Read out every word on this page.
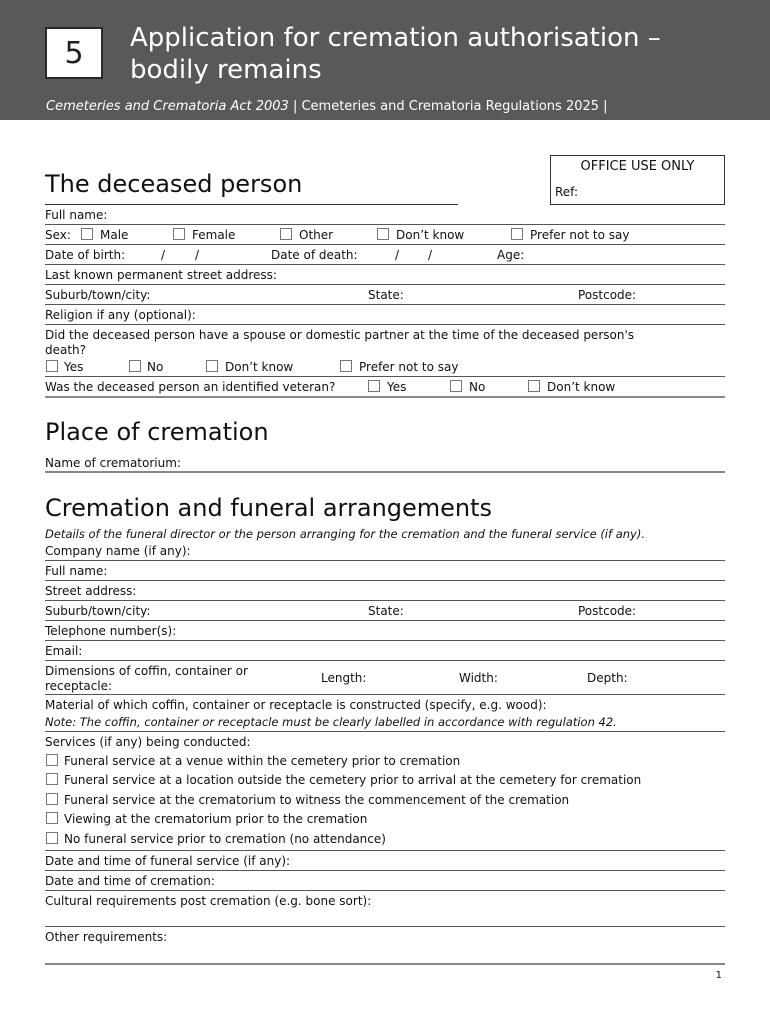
5	Application for cremation authorisation –
bodily remains
Cemeteries and Crematoria Act 2003 | Cemeteries and Crematoria Regulations 2025 |
OFFICE USE ONLY
Ref:
The deceased person
Full name:
Sex: Male	Female	Other	Don’t know	Prefer not to say
Date of birth:	/ /	Date of death:	/ /	Age:
Last known permanent street address:
Suburb/town/city:	State:	Postcode:
Religion if any (optional):
Did the deceased person have a spouse or domestic partner at the time of the deceased person's
death?
Yes	No	Don’t know	Prefer not to say
Was the deceased person an identified veteran?	Yes	No	Don’t know
Place of cremation
Name of crematorium:
Cremation and funeral arrangements
Details of the funeral director or the person arranging for the cremation and the funeral service (if any).
Company name (if any):
Full name:
Street address:
Suburb/town/city:	State:	Postcode:
Telephone number(s):
Email:
Dimensions of coffin, container or
receptacle:
Length:	Width:	Depth:
Material of which coffin, container or receptacle is constructed (specify, e.g. wood):
Note: The coffin, container or receptacle must be clearly labelled in accordance with regulation 42.
Services (if any) being conducted:
Funeral service at a venue within the cemetery prior to cremation
Funeral service at a location outside the cemetery prior to arrival at the cemetery for cremation
Funeral service at the crematorium to witness the commencement of the cremation
Viewing at the crematorium prior to the cremation
No funeral service prior to cremation (no attendance)
Date and time of funeral service (if any):
Date and time of cremation:
Cultural requirements post cremation (e.g. bone sort):
Other requirements:
1
